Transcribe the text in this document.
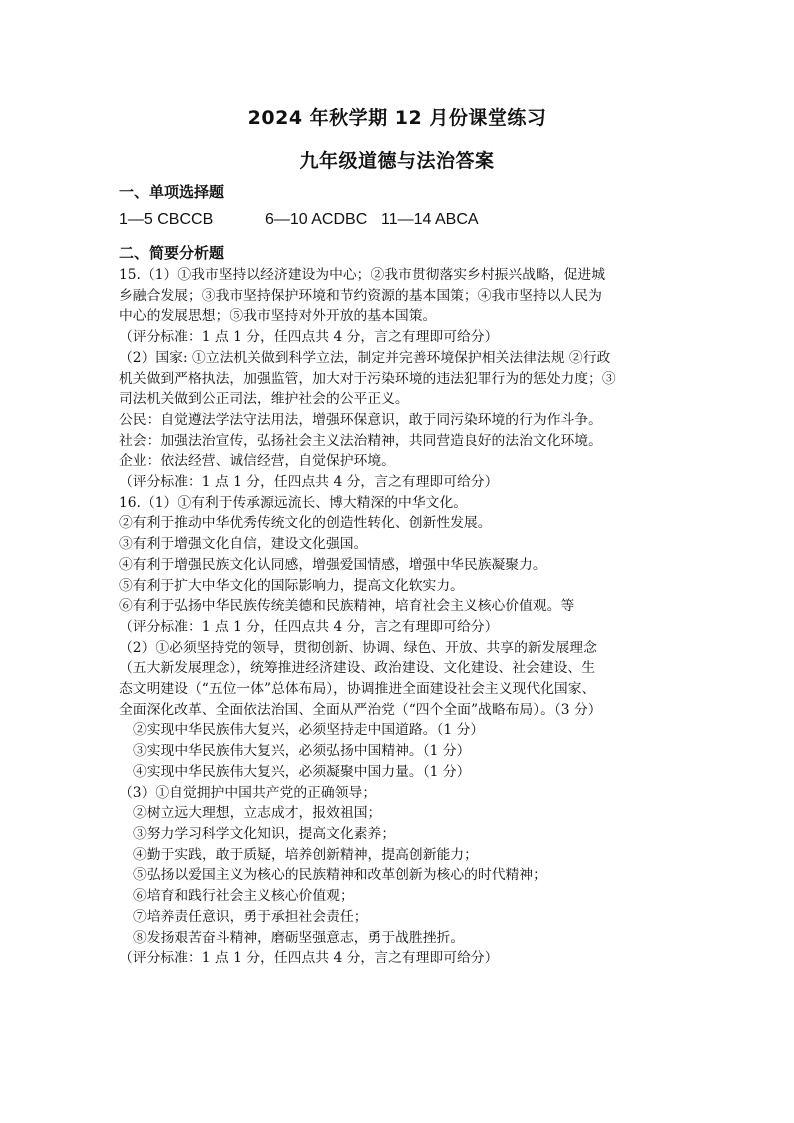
2024 年秋学期 12 月份课堂练习
九年级道德与法治答案
一、单项选择题
1—5 CBCCB	6—10 ACDBC 11—14 ABCA
二、简要分析题
15.（1）①我市坚持以经济建设为中心；②我市贯彻落实乡村振兴战略，促进城
乡融合发展；③我市坚持保护环境和节约资源的基本国策；④我市坚持以人民为
中心的发展思想；⑤我市坚持对外开放的基本国策。
（评分标准：1 点 1 分，任四点共 4 分，言之有理即可给分）
（2）国家: ①立法机关做到科学立法，制定并完善环境保护相关法律法规 ②行政
机关做到严格执法，加强监管，加大对于污染环境的违法犯罪行为的惩处力度；③
司法机关做到公正司法，维护社会的公平正义。
公民：自觉遵法学法守法用法，增强环保意识，敢于同污染环境的行为作斗争。
社会：加强法治宣传，弘扬社会主义法治精神，共同营造良好的法治文化环境。
企业：依法经营、诚信经营，自觉保护环境。
（评分标准：1 点 1 分，任四点共 4 分，言之有理即可给分）
16.（1）①有利于传承源远流长、博大精深的中华文化。
②有利于推动中华优秀传统文化的创造性转化、创新性发展。
③有利于增强文化自信，建设文化强国。
④有利于增强民族文化认同感，增强爱国情感，增强中华民族凝聚力。
⑤有利于扩大中华文化的国际影响力，提高文化软实力。
⑥有利于弘扬中华民族传统美德和民族精神，培育社会主义核心价值观。等
（评分标准：1 点 1 分，任四点共 4 分，言之有理即可给分）
（2）①必须坚持党的领导，贯彻创新、协调、绿色、开放、共享的新发展理念
（五大新发展理念），统筹推进经济建设、政治建设、文化建设、社会建设、生
态文明建设（“五位一体”总体布局），协调推进全面建设社会主义现代化国家、
全面深化改革、全面依法治国、全面从严治党（“四个全面”战略布局）。（3 分）
②实现中华民族伟大复兴，必须坚持走中国道路。（1 分）
③实现中华民族伟大复兴，必须弘扬中国精神。（1 分）
④实现中华民族伟大复兴，必须凝聚中国力量。（1 分）
（3）①自觉拥护中国共产党的正确领导；
②树立远大理想，立志成才，报效祖国；
③努力学习科学文化知识，提高文化素养；
④勤于实践，敢于质疑，培养创新精神，提高创新能力；
⑤弘扬以爱国主义为核心的民族精神和改革创新为核心的时代精神；
⑥培育和践行社会主义核心价值观；
⑦培养责任意识，勇于承担社会责任；
⑧发扬艰苦奋斗精神，磨砺坚强意志，勇于战胜挫折。
（评分标准：1 点 1 分，任四点共 4 分，言之有理即可给分）
